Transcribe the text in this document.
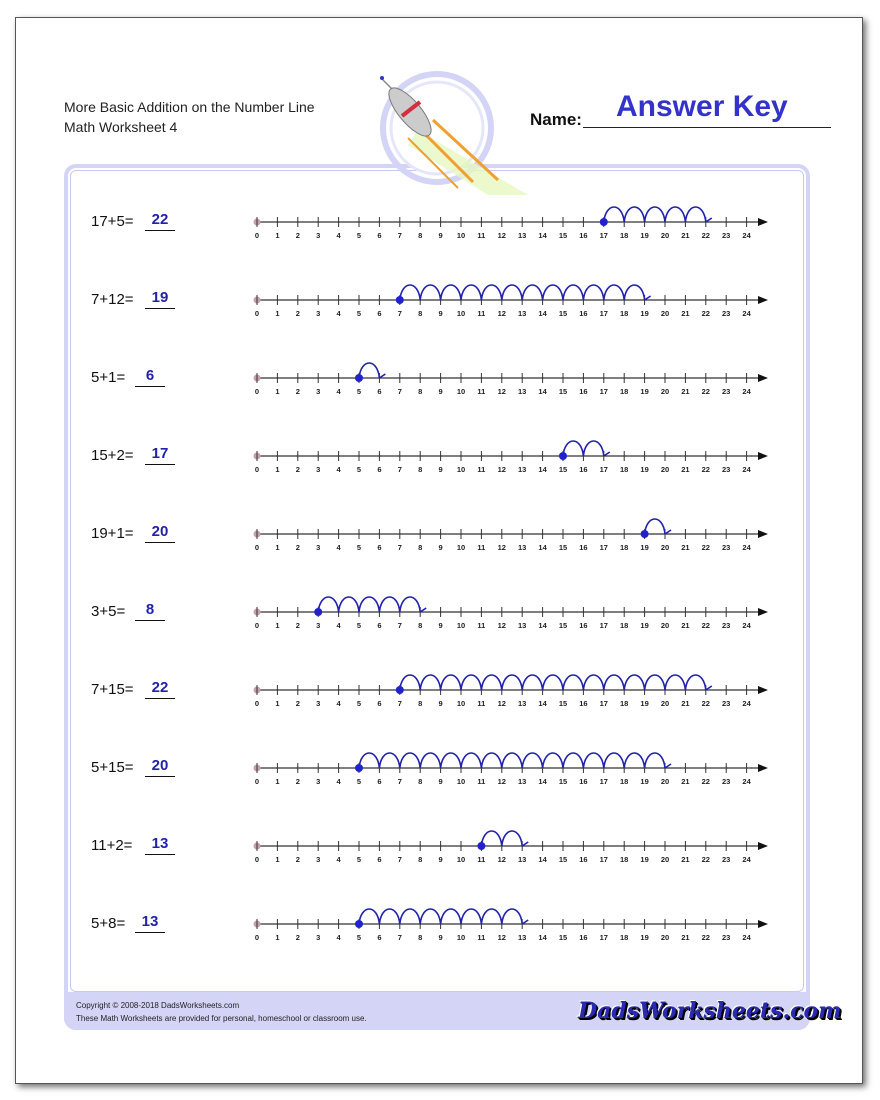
More Basic Addition on the Number Line
Math Worksheet 4	Name: Answer Key
17+5=	22
7+12=	19
5+1=	6
15+2=	17
19+1=	20
3+5=	8
7+15=	22
5+15=	20
11+2=	13
5+8=	13
0 1 2 3 4 5 6 7 8 9 10 11 12 13 14 15 16 17 18 19 20 21 22 23 24
0 1 2 3 4 5 6 7 8 9 10 11 12 13 14 15 16 17 18 19 20 21 22 23 24
0 1 2 3 4 5 6 7 8 9 10 11 12 13 14 15 16 17 18 19 20 21 22 23 24
0 1 2 3 4 5 6 7 8 9 10 11 12 13 14 15 16 17 18 19 20 21 22 23 24
0 1 2 3 4 5 6 7 8 9 10 11 12 13 14 15 16 17 18 19 20 21 22 23 24
0 1 2 3 4 5 6 7 8 9 10 11 12 13 14 15 16 17 18 19 20 21 22 23 24
0 1 2 3 4 5 6 7 8 9 10 11 12 13 14 15 16 17 18 19 20 21 22 23 24
0 1 2 3 4 5 6 7 8 9 10 11 12 13 14 15 16 17 18 19 20 21 22 23 24
0 1 2 3 4 5 6 7 8 9 10 11 12 13 14 15 16 17 18 19 20 21 22 23 24
0 1 2 3 4 5 6 7 8 9 10 11 12 13 14 15 16 17 18 19 20 21 22 23 24
Copyright © 2008-2018 DadsWorksheets.com
These Math Worksheets are provided for personal, homeschool or classroom use.	DadsWorksheets.com
